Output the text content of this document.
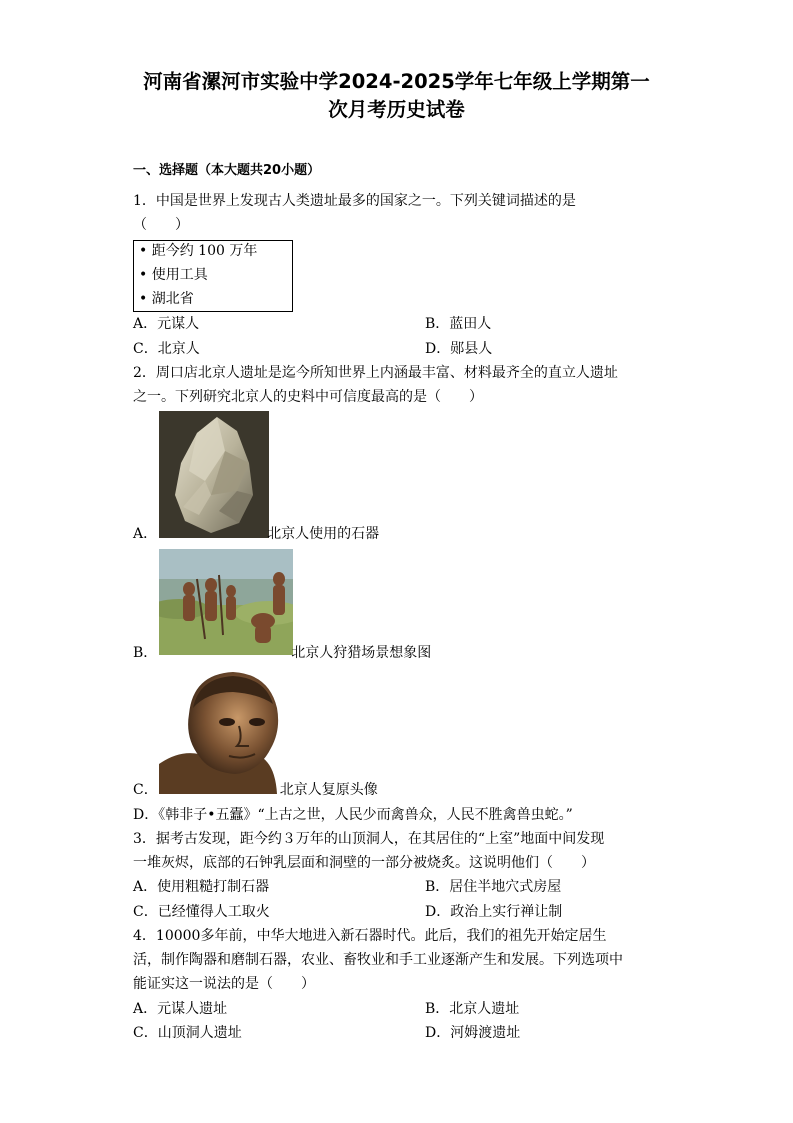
河南省漯河市实验中学2024-2025学年七年级上学期第一
次月考历史试卷
一、选择题（本大题共20小题）
1．中国是世界上发现古人类遗址最多的国家之一。下列关键词描述的是
（　　）
• 距今约 100 万年
• 使用工具
• 湖北省
A．元谋人	B．蓝田人
C．北京人	D．郧县人
2．周口店北京人遗址是迄今所知世界上内涵最丰富、材料最齐全的直立人遗址
之一。下列研究北京人的史料中可信度最高的是（　　）
A．	北京人使用的石器
B．	北京人狩猎场景想象图
C．	北京人复原头像
D．《韩非子•五蠹》“上古之世，人民少而禽兽众，人民不胜禽兽虫蛇。”
3．据考古发现，距今约３万年的山顶洞人，在其居住的“上室”地面中间发现
一堆灰烬，底部的石钟乳层面和洞壁的一部分被烧炙。这说明他们（　　）
A．使用粗糙打制石器	B．居住半地穴式房屋
C．已经懂得人工取火	D．政治上实行禅让制
4．10000多年前，中华大地进入新石器时代。此后，我们的祖先开始定居生
活，制作陶器和磨制石器，农业、畜牧业和手工业逐渐产生和发展。下列选项中
能证实这一说法的是（　　）
A．元谋人遗址	B．北京人遗址
C．山顶洞人遗址	D．河姆渡遗址
